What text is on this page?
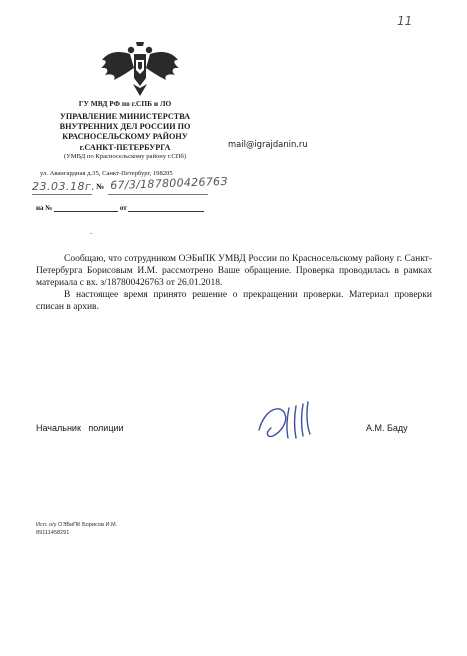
11
ГУ МВД РФ по г.СПБ и ЛО
УПРАВЛЕНИЕ МИНИСТЕРСТВА
ВНУТРЕННИХ ДЕЛ РОССИИ ПО
КРАСНОСЕЛЬСКОМУ РАЙОНУ
г.САНКТ-ПЕТЕРБУРГА
(УМВД по Красносельскому району г.СПб)
mail@igrajdanin.ru
ул. Авангардная д.35, Санкт-Петербург, 198205
23.03.18г. № 67/3/18780042676З
на №	от
.

Сообщаю, что сотрудником ОЭБиПК УМВД России по Красносельскому району г. Санкт-Петербурга Борисовым И.М. рассмотрено Ваше обращение. Проверка проводилась в рамках материала с вх. з/187800426763 от 26.01.2018.

В настоящее время принято решение о прекращении проверки. Материал проверки списан в архив.

Начальник   полиции	А.М. Баду
Исп. о/у ОЭБиПК Борисов И.М.
89111458291
